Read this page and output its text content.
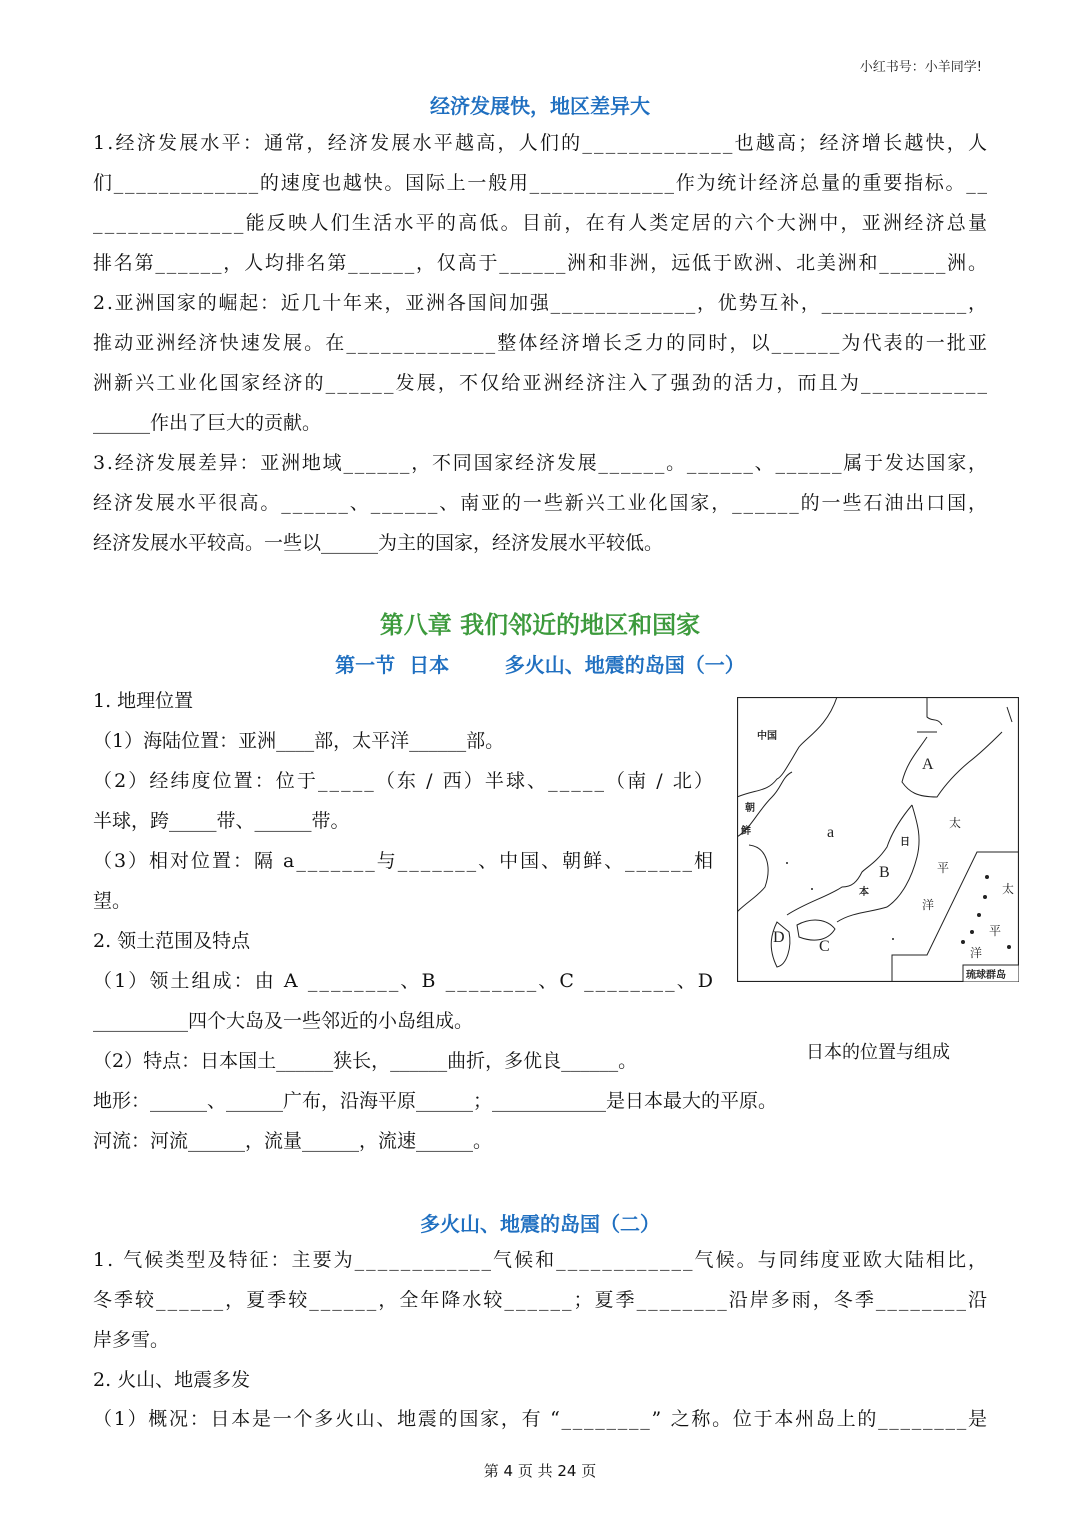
小红书号：小羊同学!
经济发展快，地区差异大
1.经济发展水平：通常，经济发展水平越高，人们的_____________也越高；经济增长越快，人
们_____________的速度也越快。国际上一般用_____________作为统计经济总量的重要指标。__
_____________能反映人们生活水平的高低。目前，在有人类定居的六个大洲中，亚洲经济总量
排名第______，人均排名第______，仅高于______洲和非洲，远低于欧洲、北美洲和______洲。
2.亚洲国家的崛起：近几十年来，亚洲各国间加强_____________，优势互补，_____________，
推动亚洲经济快速发展。在_____________整体经济增长乏力的同时，以______为代表的一批亚
洲新兴工业化国家经济的______发展，不仅给亚洲经济注入了强劲的活力，而且为___________
______作出了巨大的贡献。
3.经济发展差异：亚洲地域______，不同国家经济发展______。______、______属于发达国家，
经济发展水平很高。______、______、南亚的一些新兴工业化国家，______的一些石油出口国，
经济发展水平较高。一些以______为主的国家，经济发展水平较低。
第八章 我们邻近的地区和国家
第一节  日本        多火山、地震的岛国（一）
1. 地理位置
（1）海陆位置：亚洲____部，太平洋______部。
（2）经纬度位置：位于_____（东 / 西）半球、_____（南 / 北）
半球，跨_____带、______带。
（3）相对位置：隔 a_______与_______、中国、朝鲜、______相
望。
2. 领土范围及特点
（1）领土组成：由 A ________、B ________、C ________、D
__________四个大岛及一些邻近的小岛组成。
（2）特点：日本国土______狭长，______曲折，多优良______。
地形：______、______广布，沿海平原______；____________是日本最大的平原。
河流：河流______，流量______，流速______。
中国
朝
鲜
日
本
琉球群岛
a
A
B
C
D
太
平
洋
太
平
洋
日本的位置与组成
多火山、地震的岛国（二）
1. 气候类型及特征：主要为____________气候和____________气候。与同纬度亚欧大陆相比，
冬季较______，夏季较______，全年降水较______；夏季________沿岸多雨，冬季________沿
岸多雪。
2. 火山、地震多发
（1）概况：日本是一个多火山、地震的国家，有 “________” 之称。位于本州岛上的________是
第 4 页 共 24 页
